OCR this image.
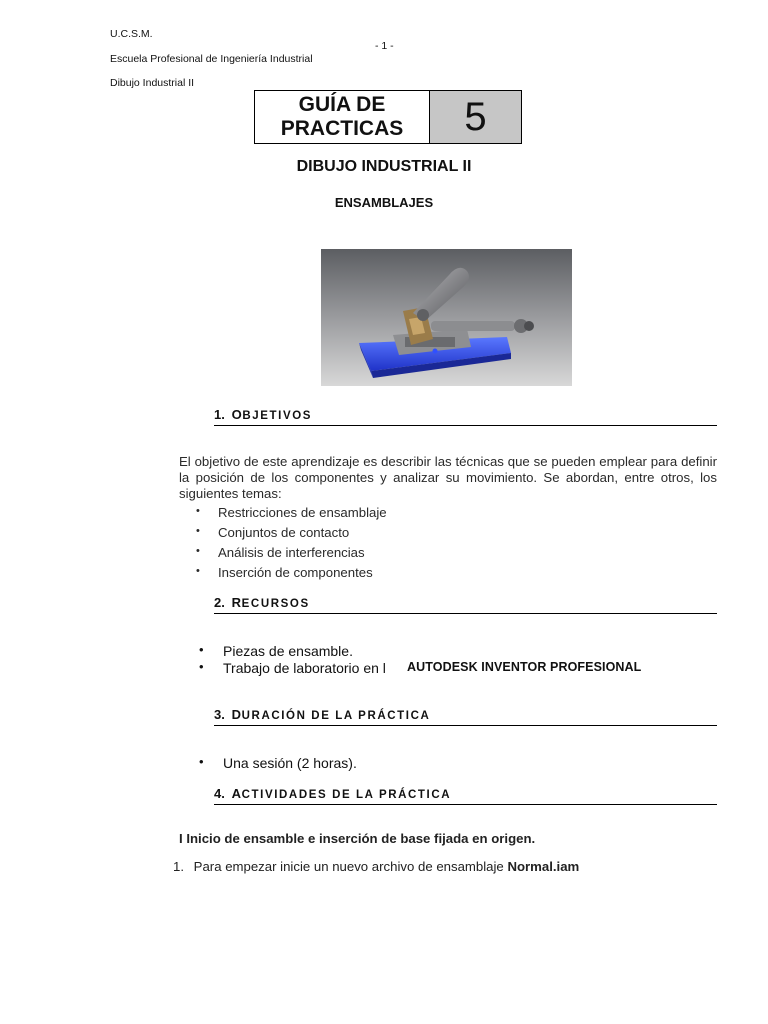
U.C.S.M.
- 1 -
Escuela Profesional de Ingeniería Industrial
Dibujo Industrial II
GUÍA DE
PRACTICAS	5
DIBUJO INDUSTRIAL II
ENSAMBLAJES
1. OBJETIVOS
El objetivo de este aprendizaje es describir las técnicas que se pueden emplear para definir la posición de los componentes y analizar su movimiento. Se abordan, entre otros, los siguientes temas:
• Restricciones de ensamblaje
• Conjuntos de contacto
• Análisis de interferencias
• Inserción de componentes
2. RECURSOS
• Piezas de ensamble.
• Trabajo de laboratorio en l AUTODESK INVENTOR PROFESIONAL
3. DURACIÓN DE LA PRÁCTICA
• Una sesión (2 horas).
4. ACTIVIDADES DE LA PRÁCTICA
I Inicio de ensamble e inserción de base fijada en origen.
1. Para empezar inicie un nuevo archivo de ensamblaje Normal.iam
